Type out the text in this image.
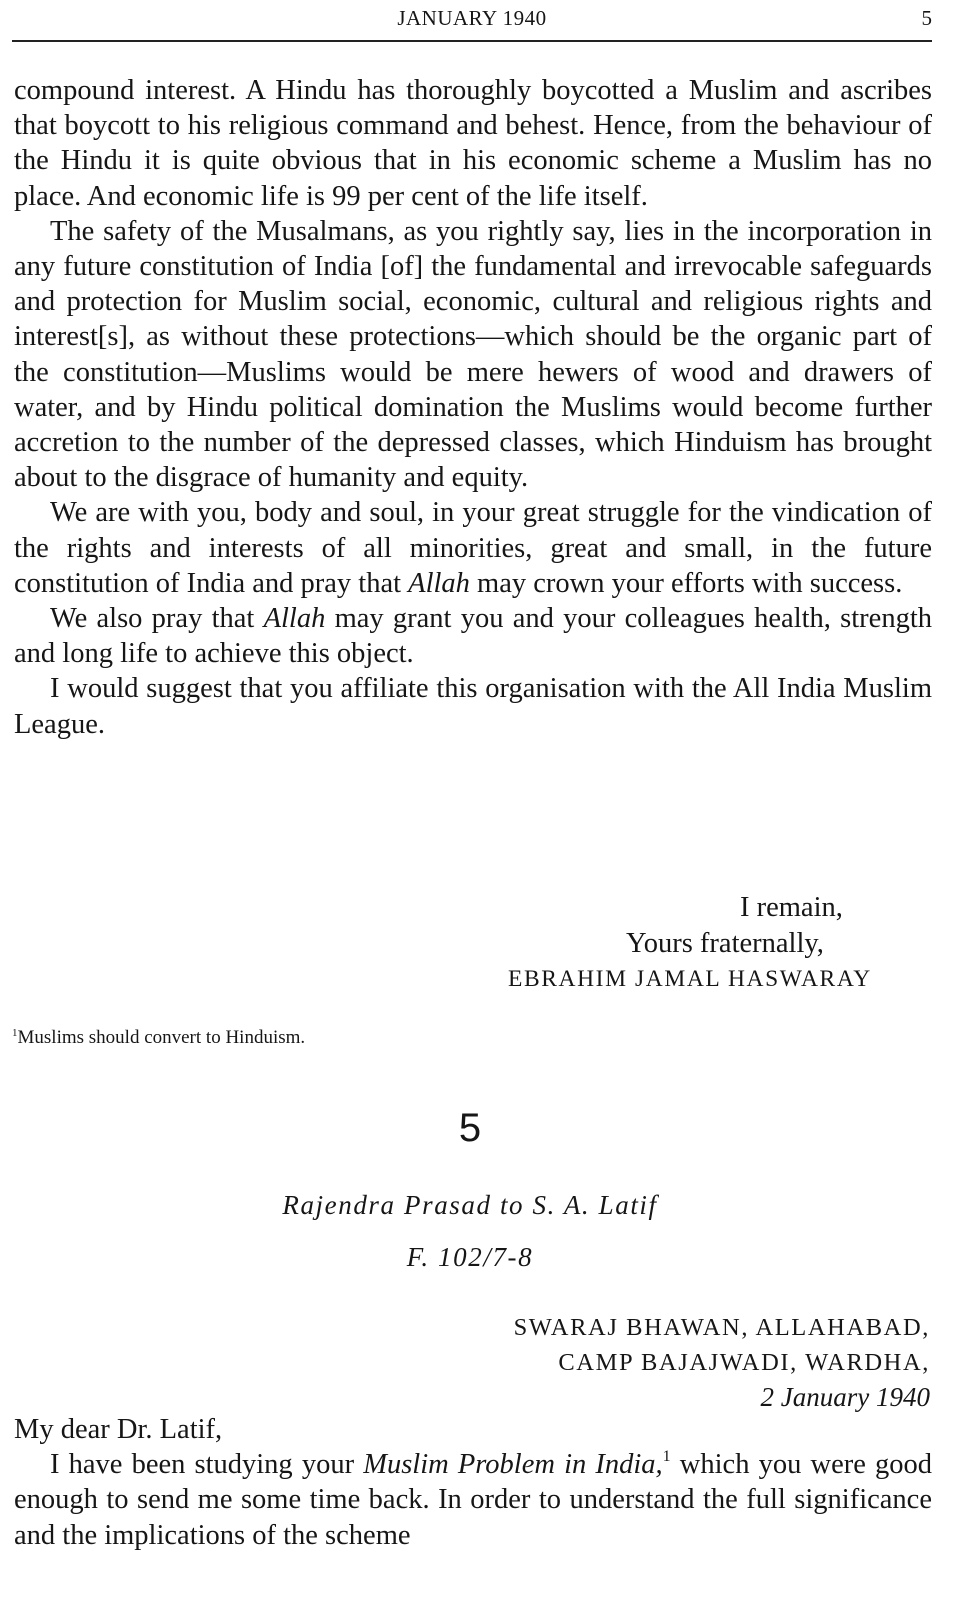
JANUARY 1940	5

compound interest. A Hindu has thoroughly boycotted a Muslim and ascribes that boycott to his religious command and behest. Hence, from the behaviour of the Hindu it is quite obvious that in his economic scheme a Muslim has no place. And economic life is 99 per cent of the life itself.

The safety of the Musalmans, as you rightly say, lies in the incorporation in any future constitution of India [of] the fundamental and irrevocable safeguards and protection for Muslim social, economic, cultural and religious rights and interest[s], as without these protections—which should be the organic part of the constitution—Muslims would be mere hewers of wood and drawers of water, and by Hindu political domination the Muslims would become further accretion to the number of the depressed classes, which Hinduism has brought about to the disgrace of humanity and equity.

We are with you, body and soul, in your great struggle for the vindication of the rights and interests of all minorities, great and small, in the future constitution of India and pray that Allah may crown your efforts with success.

We also pray that Allah may grant you and your colleagues health, strength and long life to achieve this object.

I would suggest that you affiliate this organisation with the All India Muslim League.

I remain,
Yours fraternally,
EBRAHIM JAMAL HASWARAY
$^1$Muslims should convert to Hinduism.
5
Rajendra Prasad to S. A. Latif
F. 102/7-8
SWARAJ BHAWAN, ALLAHABAD,
CAMP BAJAJWADI, WARDHA,
2 January 1940

My dear Dr. Latif,

I have been studying your Muslim Problem in India,$^1$ which you were good enough to send me some time back. In order to understand the full significance and the implications of the scheme
